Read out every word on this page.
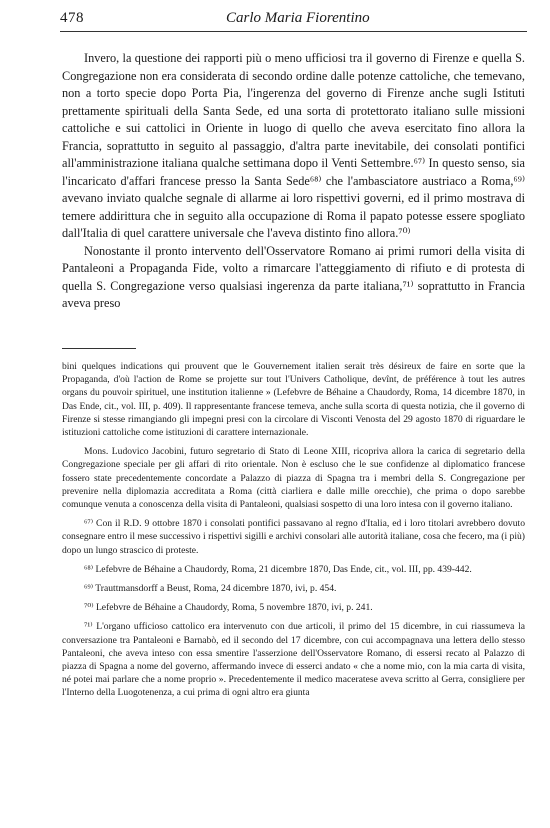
478	Carlo Maria Fiorentino

Invero, la questione dei rapporti più o meno ufficiosi tra il governo di Firenze e quella S. Congregazione non era considerata di secondo ordine dalle potenze cattoliche, che temevano, non a torto specie dopo Porta Pia, l'ingerenza del governo di Firenze anche sugli Istituti prettamente spirituali della Santa Sede, ed una sorta di protettorato italiano sulle missioni cattoliche e sui cattolici in Oriente in luogo di quello che aveva esercitato fino allora la Francia, soprattutto in seguito al passaggio, d'altra parte inevitabile, dei consolati pontifici all'amministrazione italiana qualche settimana dopo il Venti Settembre.⁶⁷⁾ In questo senso, sia l'incaricato d'affari francese presso la Santa Sede⁶⁸⁾ che l'ambasciatore austriaco a Roma,⁶⁹⁾ avevano inviato qualche segnale di allarme ai loro rispettivi governi, ed il primo mostrava di temere addirittura che in seguito alla occupazione di Roma il papato potesse essere spogliato dall'Italia di quel carattere universale che l'aveva distinto fino allora.⁷⁰⁾

Nonostante il pronto intervento dell'Osservatore Romano ai primi rumori della visita di Pantaleoni a Propaganda Fide, volto a rimarcare l'atteggiamento di rifiuto e di protesta di quella S. Congregazione verso qualsiasi ingerenza da parte italiana,⁷¹⁾ soprattutto in Francia aveva preso

bini quelques indications qui prouvent que le Gouvernement italien serait très désireux de faire en sorte que la Propaganda, d'où l'action de Rome se projette sur tout l'Univers Catholique, devînt, de préférence à tout les autres organs du pouvoir spirituel, une institution italienne » (Lefebvre de Béhaine a Chaudordy, Roma, 14 dicembre 1870, in Das Ende, cit., vol. III, p. 409). Il rappresentante francese temeva, anche sulla scorta di questa notizia, che il governo di Firenze si stesse rimangiando gli impegni presi con la circolare di Visconti Venosta del 29 agosto 1870 di riguardare le istituzioni cattoliche come istituzioni di carattere internazionale.

Mons. Ludovico Jacobini, futuro segretario di Stato di Leone XIII, ricopriva allora la carica di segretario della Congregazione speciale per gli affari di rito orientale. Non è escluso che le sue confidenze al diplomatico francese fossero state precedentemente concordate a Palazzo di piazza di Spagna tra i membri della S. Congregazione per prevenire nella diplomazia accreditata a Roma (città ciarliera e dalle mille orecchie), che prima o dopo sarebbe comunque venuta a conoscenza della visita di Pantaleoni, qualsiasi sospetto di una loro intesa con il governo italiano.

⁶⁷⁾ Con il R.D. 9 ottobre 1870 i consolati pontifici passavano al regno d'Italia, ed i loro titolari avrebbero dovuto consegnare entro il mese successivo i rispettivi sigilli e archivi consolari alle autorità italiane, cosa che fecero, ma (i più) dopo un lungo strascico di proteste.

⁶⁸⁾ Lefebvre de Béhaine a Chaudordy, Roma, 21 dicembre 1870, Das Ende, cit., vol. III, pp. 439-442.

⁶⁹⁾ Trauttmansdorff a Beust, Roma, 24 dicembre 1870, ivi, p. 454.

⁷⁰⁾ Lefebvre de Béhaine a Chaudordy, Roma, 5 novembre 1870, ivi, p. 241.

⁷¹⁾ L'organo ufficioso cattolico era intervenuto con due articoli, il primo del 15 dicembre, in cui riassumeva la conversazione tra Pantaleoni e Barnabò, ed il secondo del 17 dicembre, con cui accompagnava una lettera dello stesso Pantaleoni, che aveva inteso con essa smentire l'asserzione dell'Osservatore Romano, di essersi recato al Palazzo di piazza di Spagna a nome del governo, affermando invece di esserci andato « che a nome mio, con la mia carta di visita, né potei mai parlare che a nome proprio ». Precedentemente il medico maceratese aveva scritto al Gerra, consigliere per l'Interno della Luogotenenza, a cui prima di ogni altro era giunta
